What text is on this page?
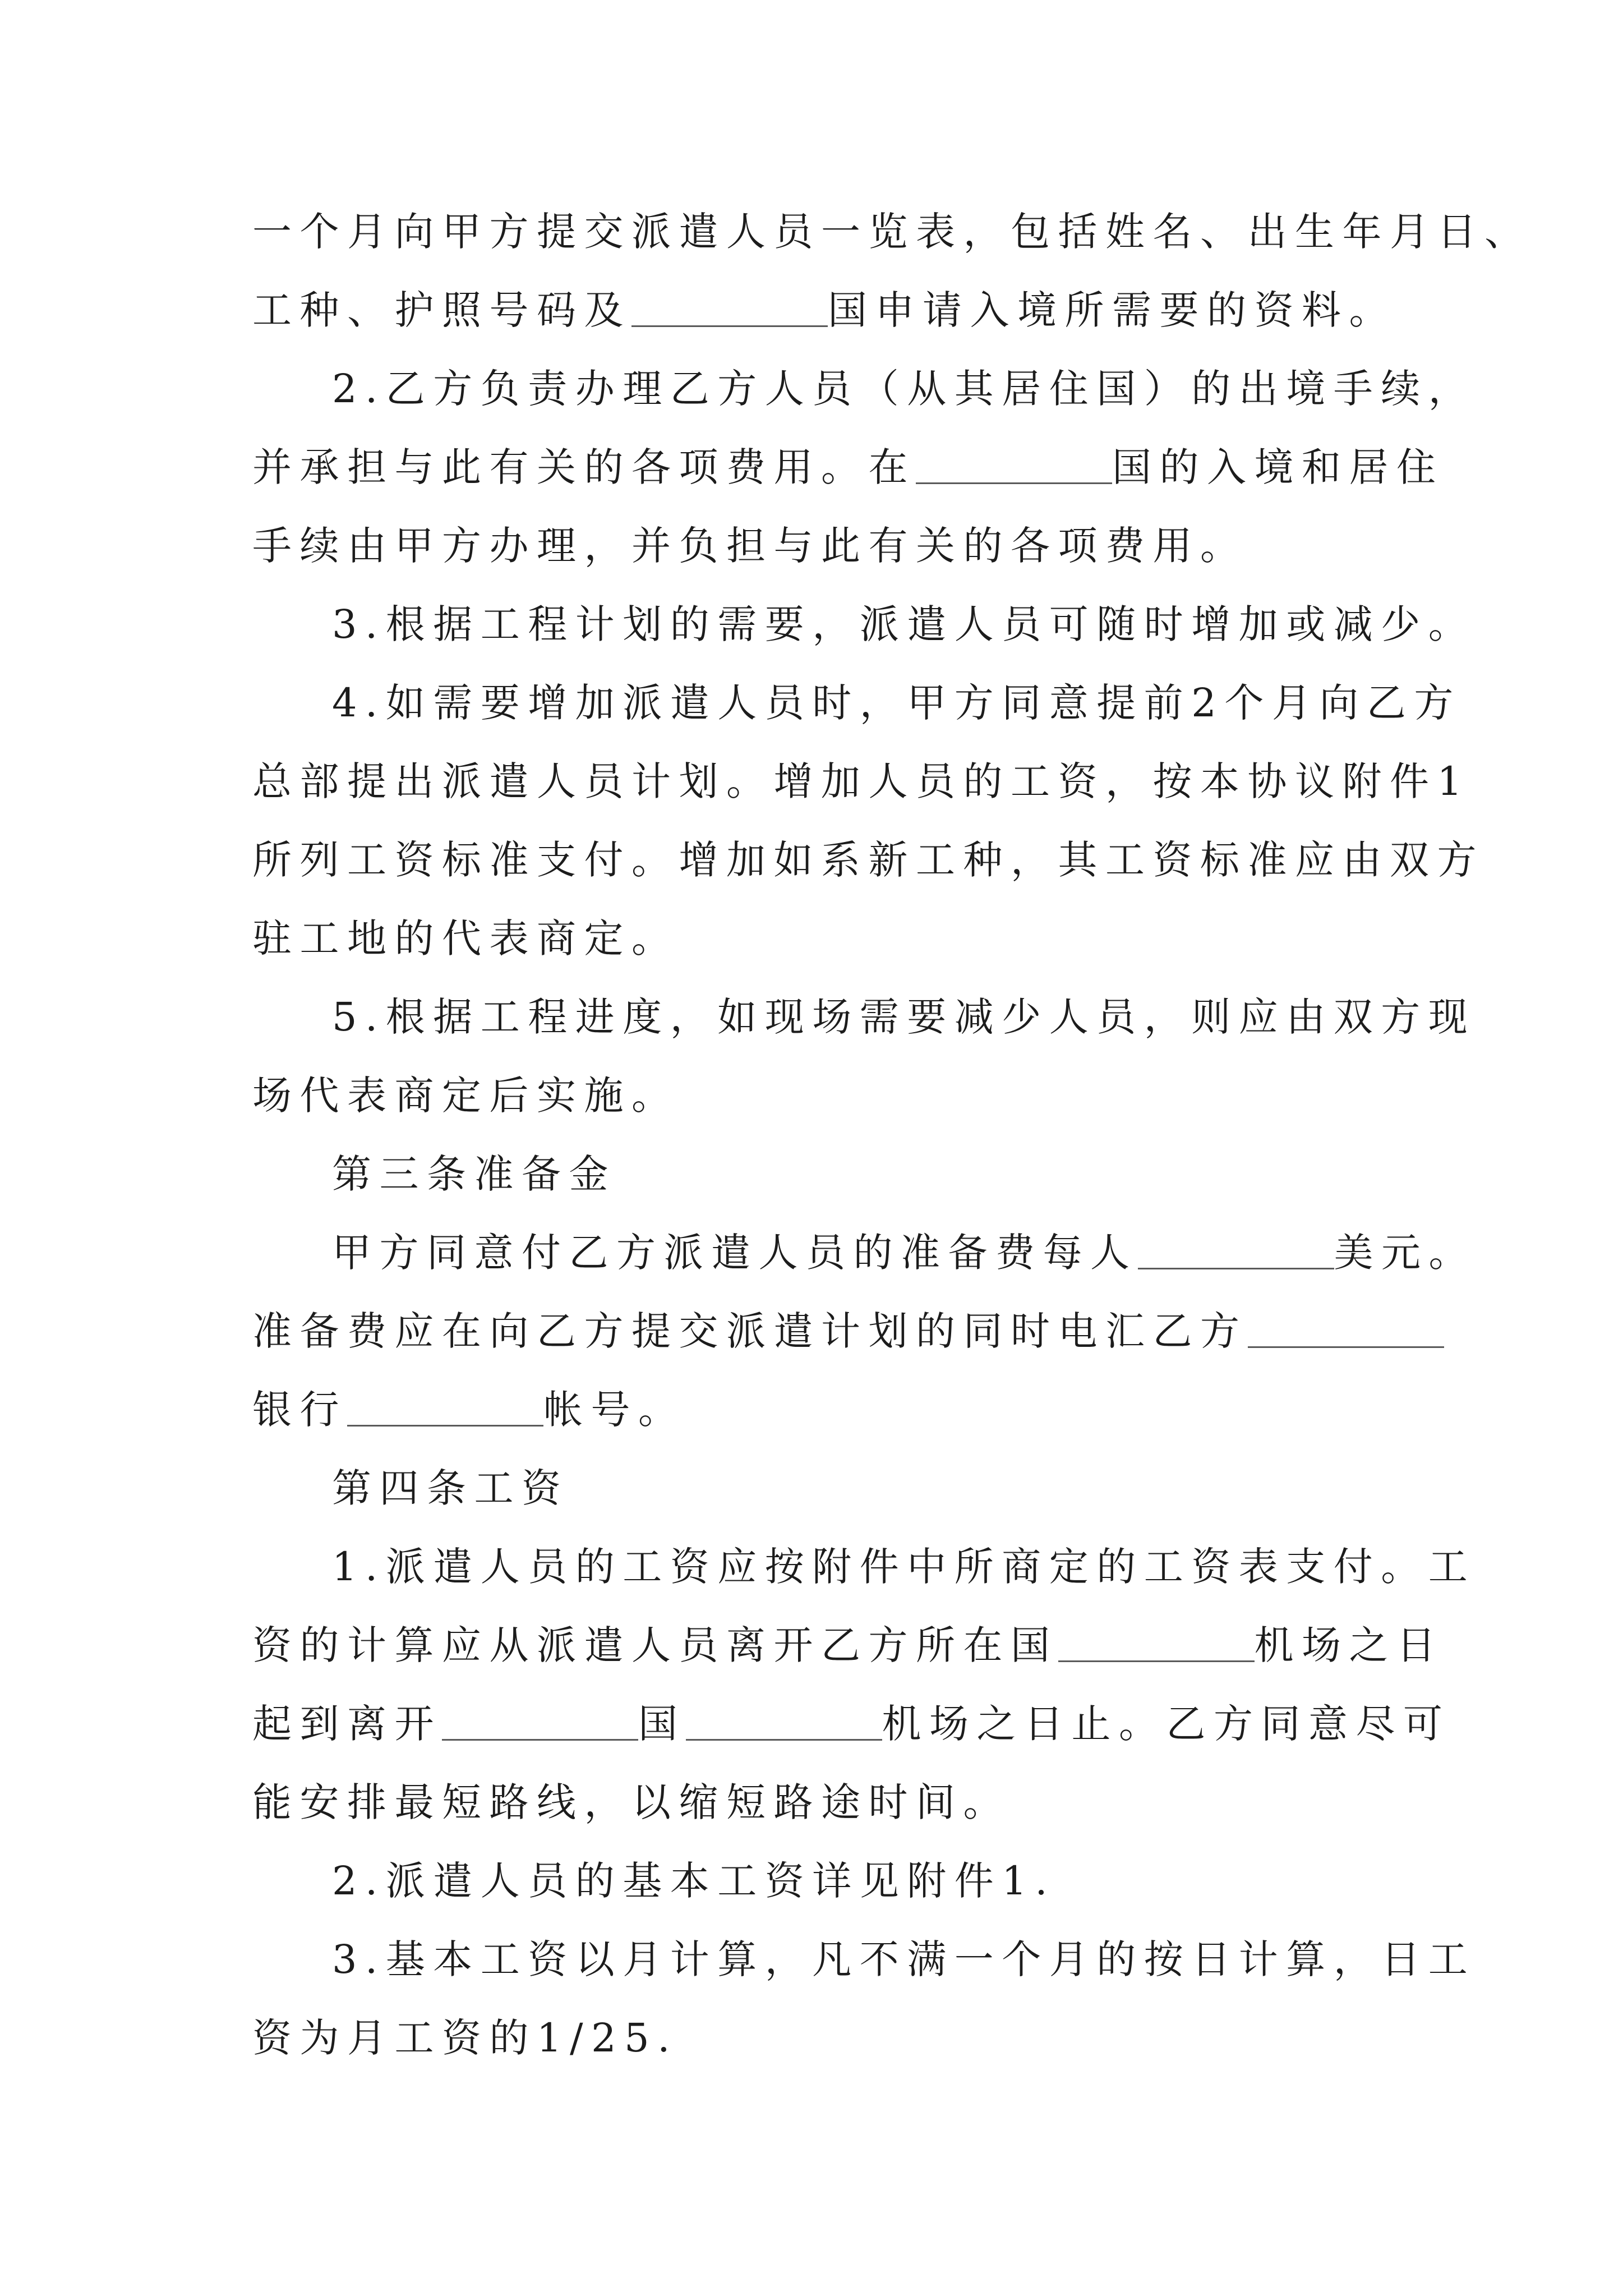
一个月向甲方提交派遣人员一览表，包括姓名、出生年月日、
工种、护照号码及	国申请入境所需要的资料。
2.乙方负责办理乙方人员（从其居住国）的出境手续，
并承担与此有关的各项费用。在	国的入境和居住
手续由甲方办理，并负担与此有关的各项费用。
3.根据工程计划的需要，派遣人员可随时增加或减少。
4.如需要增加派遣人员时，甲方同意提前2个月向乙方
总部提出派遣人员计划。增加人员的工资，按本协议附件1
所列工资标准支付。增加如系新工种，其工资标准应由双方
驻工地的代表商定。
5.根据工程进度，如现场需要减少人员，则应由双方现
场代表商定后实施。
第三条准备金
甲方同意付乙方派遣人员的准备费每人	美元。
准备费应在向乙方提交派遣计划的同时电汇乙方
银行	帐号。
第四条工资
1.派遣人员的工资应按附件中所商定的工资表支付。工
资的计算应从派遣人员离开乙方所在国	机场之日
起到离开	国	机场之日止。乙方同意尽可
能安排最短路线，以缩短路途时间。
2.派遣人员的基本工资详见附件1.
3.基本工资以月计算，凡不满一个月的按日计算，日工
资为月工资的1/25.
